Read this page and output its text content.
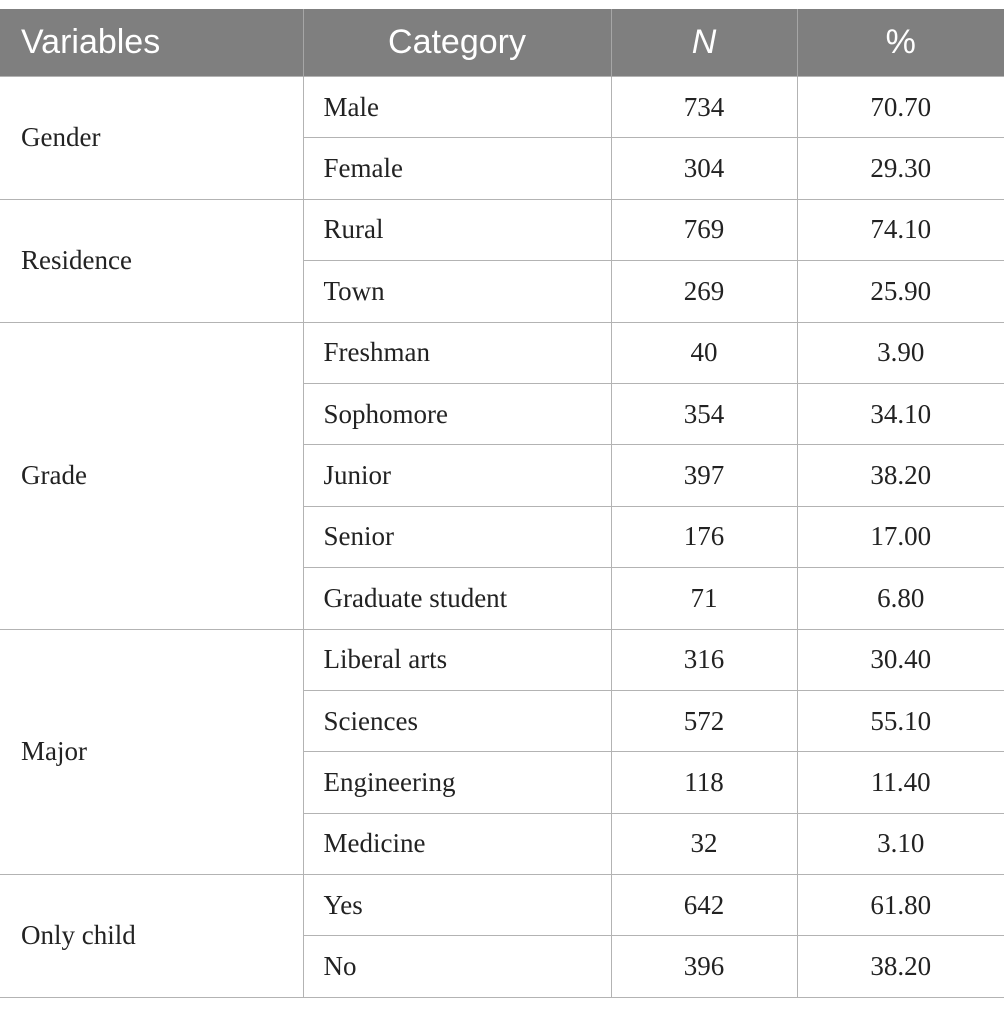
Variables	Category	N	%
Gender	Male	734	70.70
	Female	304	29.30
Residence	Rural	769	74.10
	Town	269	25.90
Grade	Freshman	40	3.90
	Sophomore	354	34.10
	Junior	397	38.20
	Senior	176	17.00
	Graduate student	71	6.80
Major	Liberal arts	316	30.40
	Sciences	572	55.10
	Engineering	118	11.40
	Medicine	32	3.10
Only child	Yes	642	61.80
	No	396	38.20
